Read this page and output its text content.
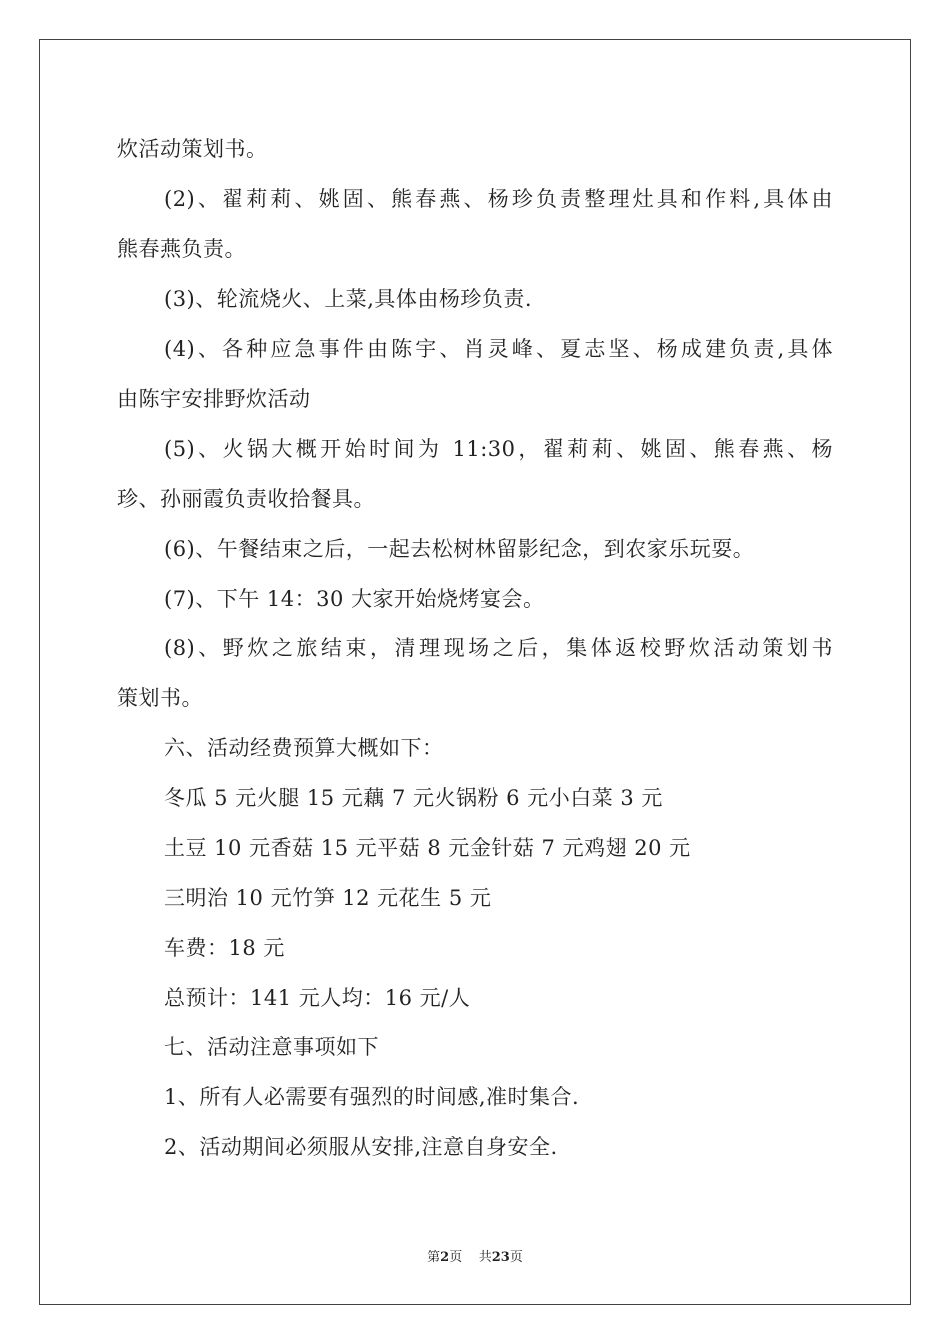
炊活动策划书。
(2)、翟莉莉、姚固、熊春燕、杨珍负责整理灶具和作料,具体由
熊春燕负责。
(3)、轮流烧火、上菜,具体由杨珍负责.
(4)、各种应急事件由陈宇、肖灵峰、夏志坚、杨成建负责,具体
由陈宇安排野炊活动
(5)、火锅大概开始时间为 11:30，翟莉莉、姚固、熊春燕、杨
珍、孙丽霞负责收拾餐具。
(6)、午餐结束之后，一起去松树林留影纪念，到农家乐玩耍。
(7)、下午 14：30 大家开始烧烤宴会。
(8)、野炊之旅结束，清理现场之后，集体返校野炊活动策划书
策划书。
六、活动经费预算大概如下：
冬瓜 5 元火腿 15 元藕 7 元火锅粉 6 元小白菜 3 元
土豆 10 元香菇 15 元平菇 8 元金针菇 7 元鸡翅 20 元
三明治 10 元竹笋 12 元花生 5 元
车费：18 元
总预计：141 元人均：16 元/人
七、活动注意事项如下
1、所有人必需要有强烈的时间感,准时集合.
2、活动期间必须服从安排,注意自身安全.
第2页 共23页
